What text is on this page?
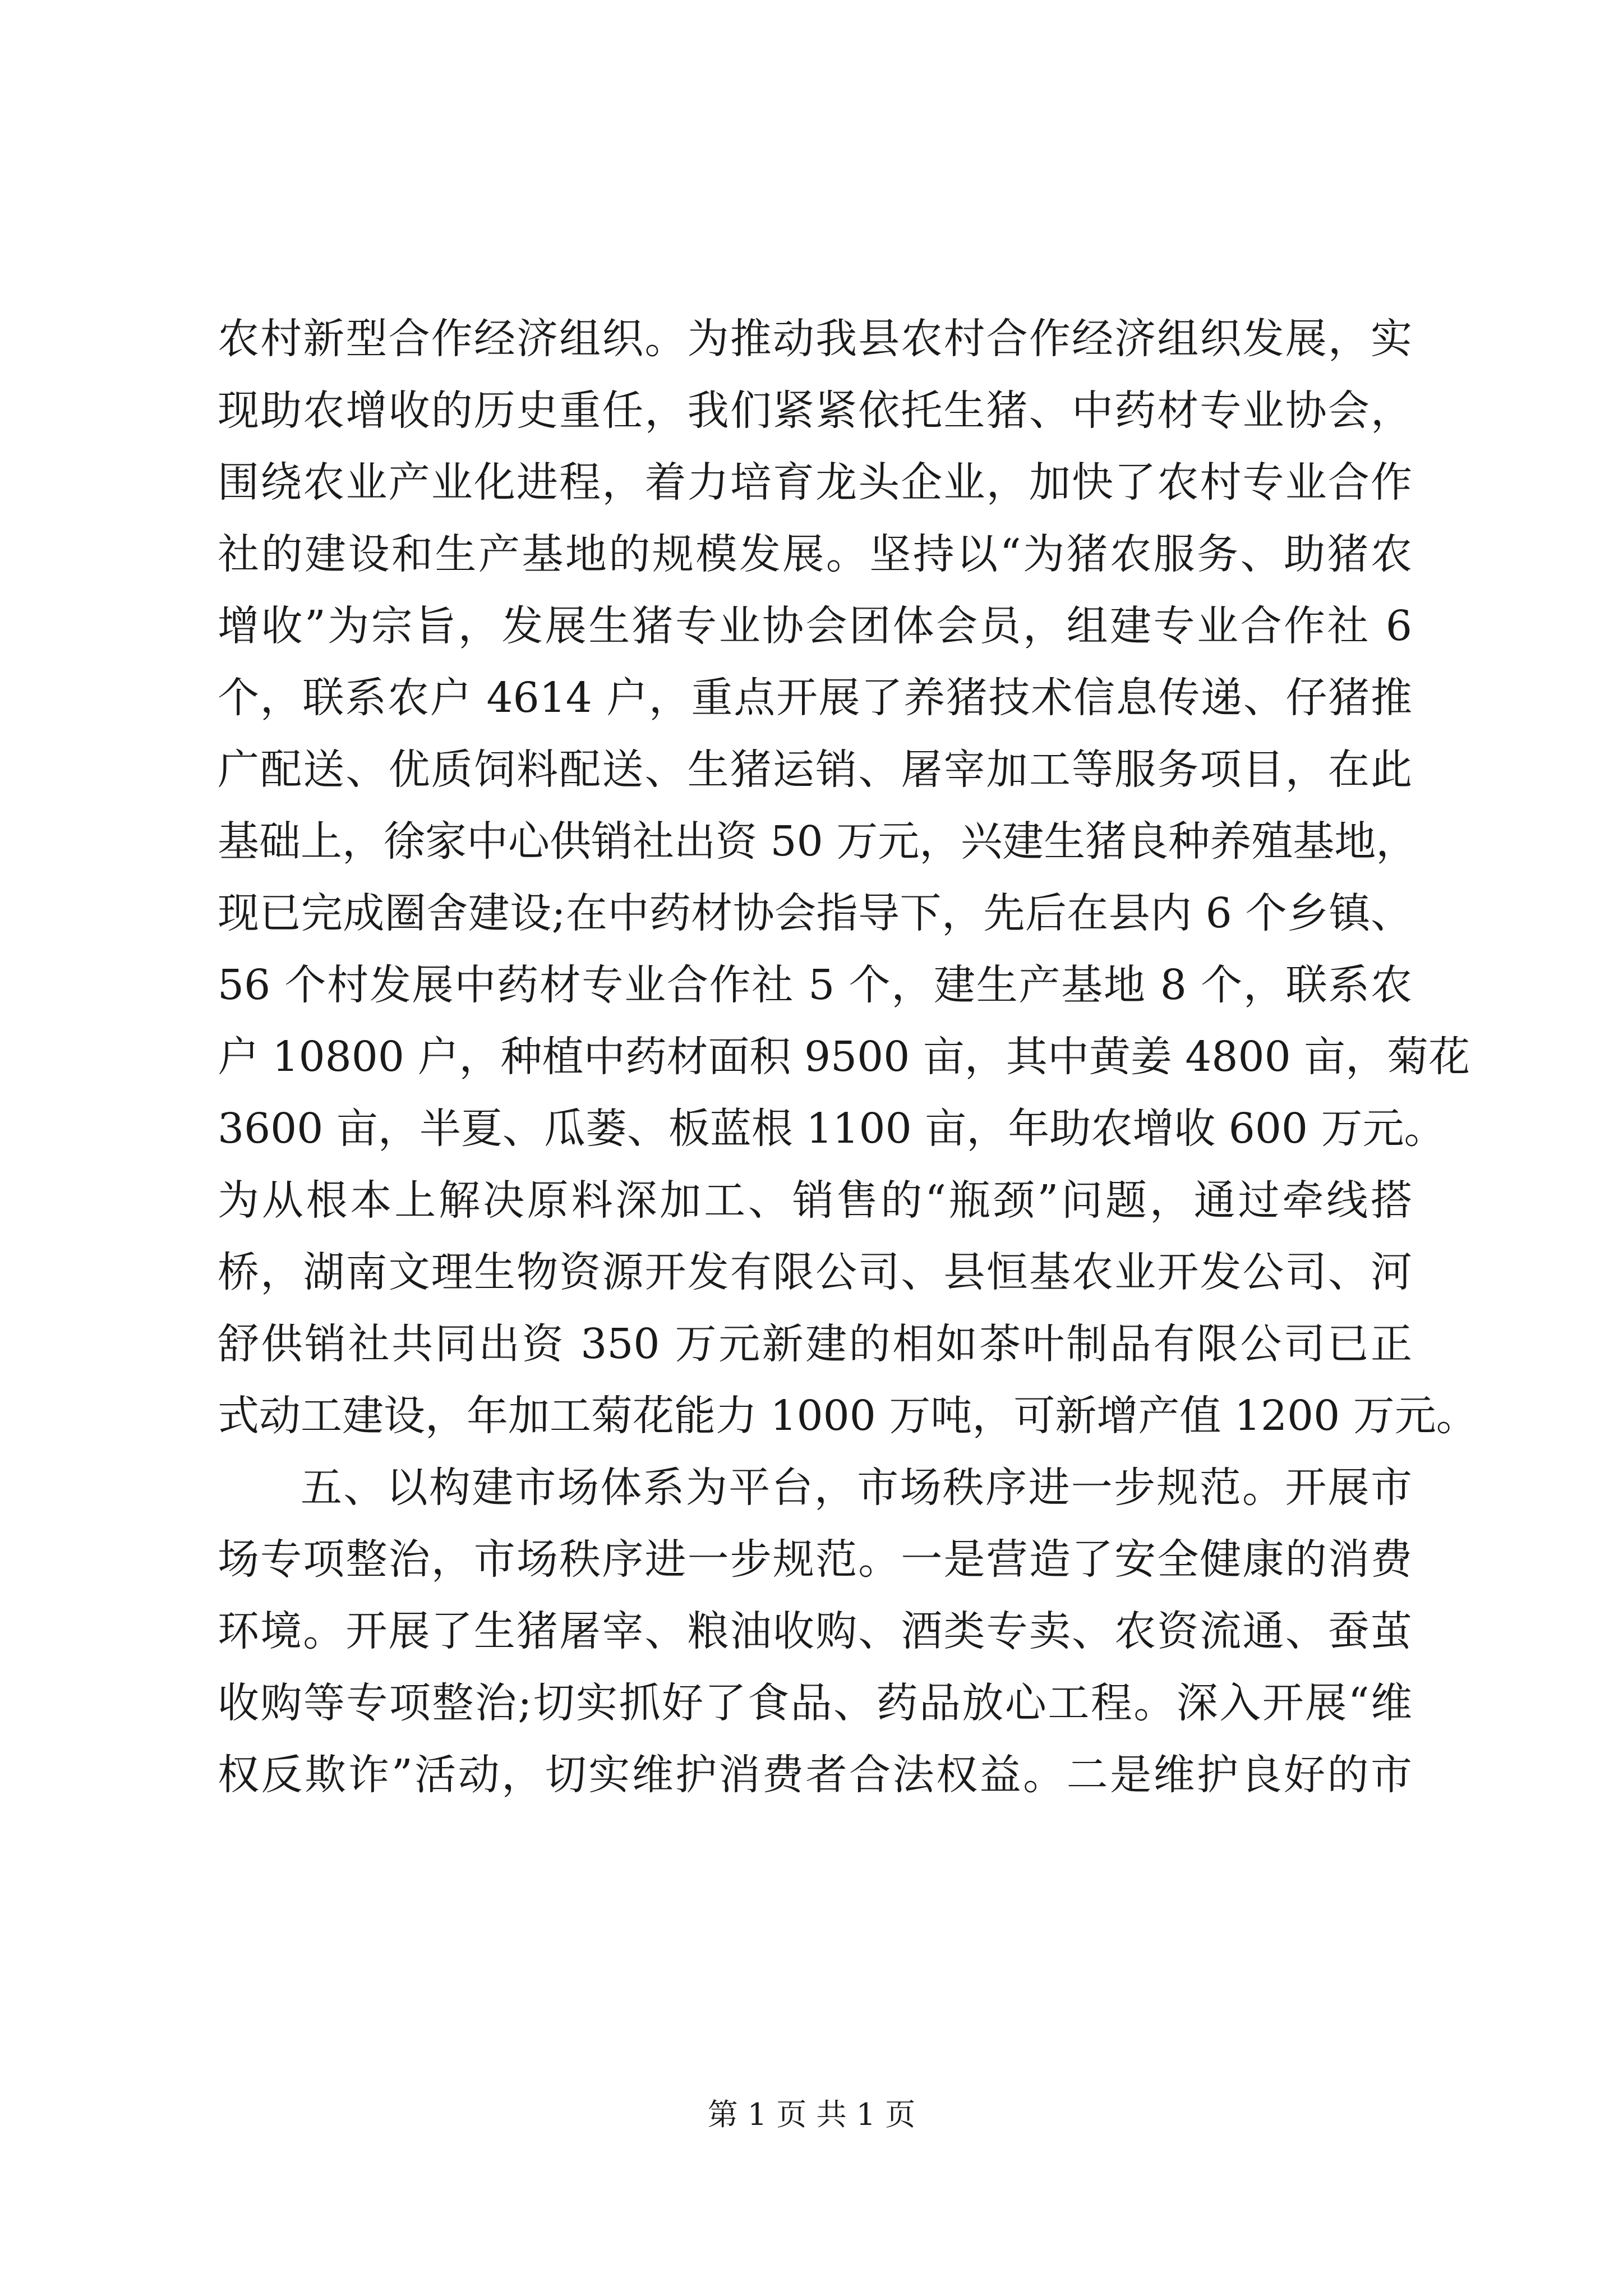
农村新型合作经济组织。为推动我县农村合作经济组织发展，实
现助农增收的历史重任，我们紧紧依托生猪、中药材专业协会，
围绕农业产业化进程，着力培育龙头企业，加快了农村专业合作
社的建设和生产基地的规模发展。坚持以“为猪农服务、助猪农
增收”为宗旨，发展生猪专业协会团体会员，组建专业合作社 6
个，联系农户 4614 户，重点开展了养猪技术信息传递、仔猪推
广配送、优质饲料配送、生猪运销、屠宰加工等服务项目，在此
基础上，徐家中心供销社出资 50 万元，兴建生猪良种养殖基地，
现已完成圈舍建设;在中药材协会指导下，先后在县内 6 个乡镇、
56 个村发展中药材专业合作社 5 个，建生产基地 8 个，联系农
户 10800 户，种植中药材面积 9500 亩，其中黄姜 4800 亩，菊花
3600 亩，半夏、瓜蒌、板蓝根 1100 亩，年助农增收 600 万元。
为从根本上解决原料深加工、销售的“瓶颈”问题，通过牵线搭
桥，湖南文理生物资源开发有限公司、县恒基农业开发公司、河
舒供销社共同出资 350 万元新建的相如茶叶制品有限公司已正
式动工建设，年加工菊花能力 1000 万吨，可新增产值 1200 万元。
五、以构建市场体系为平台，市场秩序进一步规范。开展市
场专项整治，市场秩序进一步规范。一是营造了安全健康的消费
环境。开展了生猪屠宰、粮油收购、酒类专卖、农资流通、蚕茧
收购等专项整治;切实抓好了食品、药品放心工程。深入开展“维
权反欺诈”活动，切实维护消费者合法权益。二是维护良好的市
第 1 页 共 1 页
